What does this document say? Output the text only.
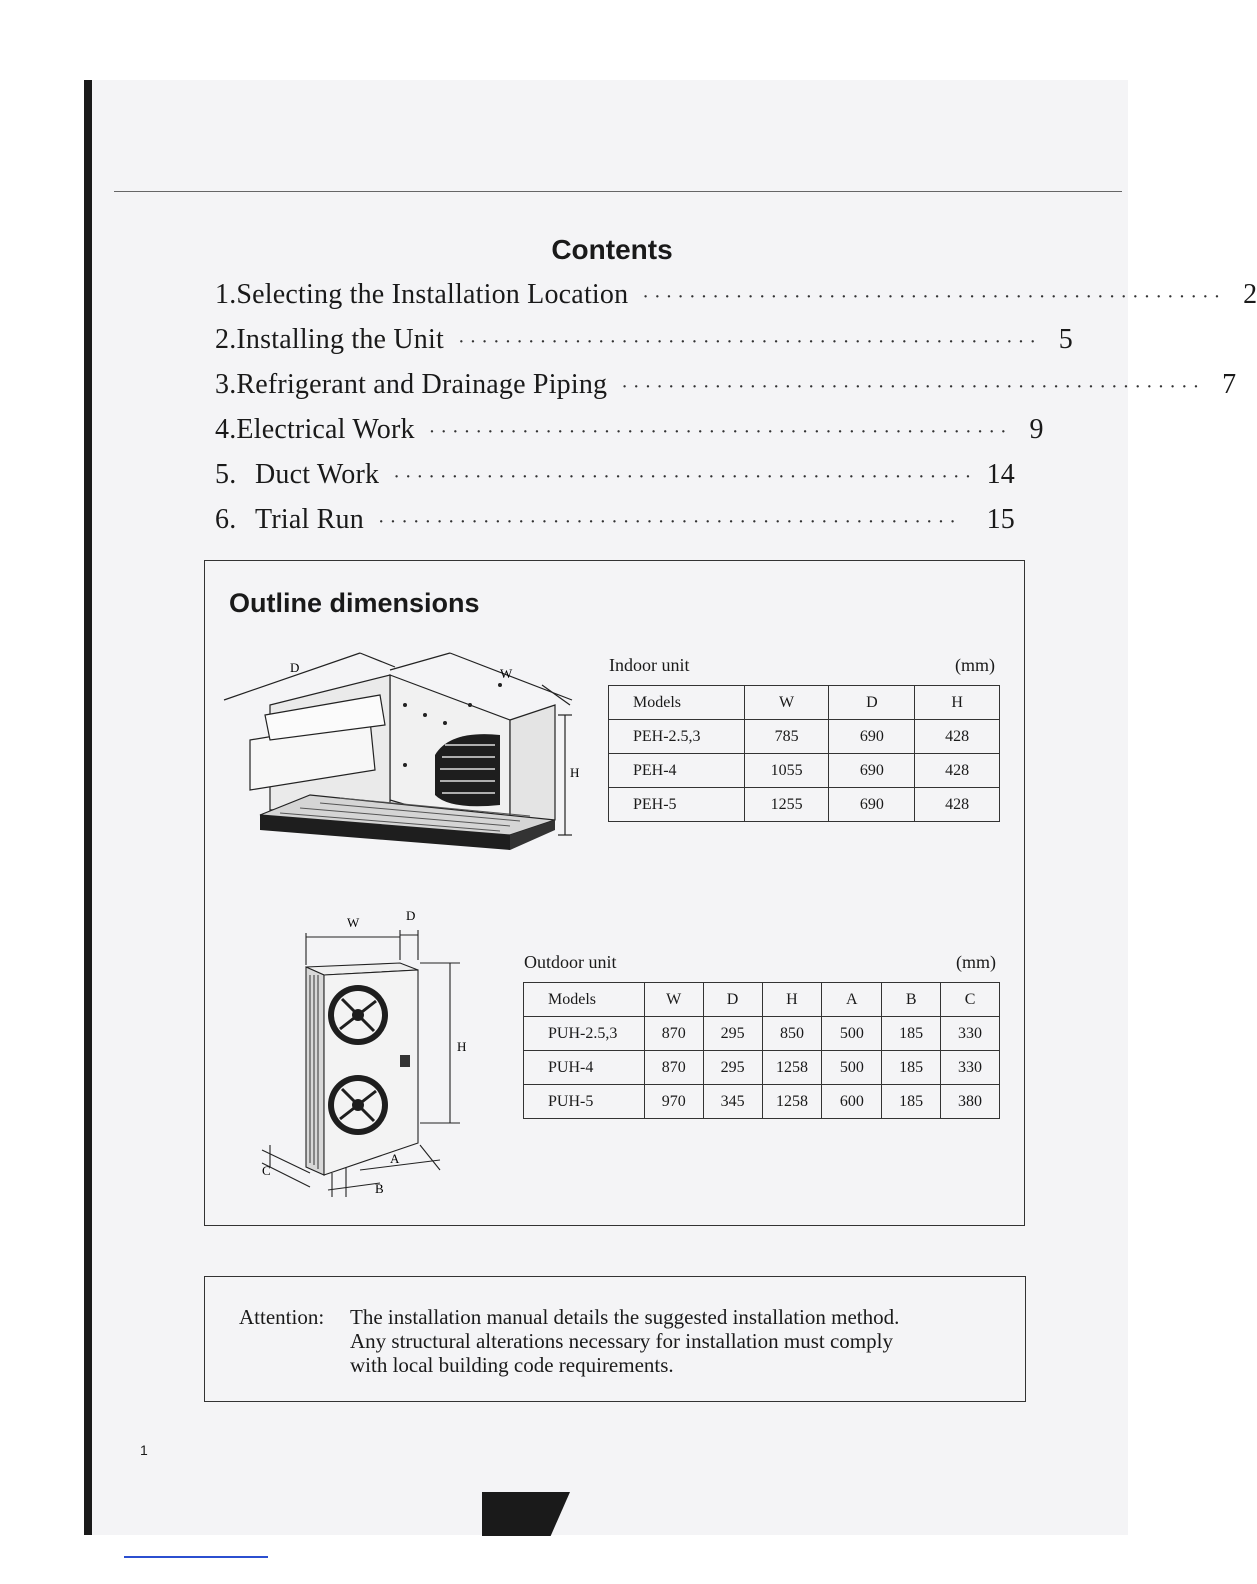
Contents
1. Selecting the Installation Location ·················································· 2
2. Installing the Unit ·················································· 5
3. Refrigerant and Drainage Piping ·················································· 7
4. Electrical Work ·················································· 9
5. Duct Work ·················································· 14
6. Trial Run ·················································· 15
Outline dimensions
D	W
H
Indoor unit	(mm)
Models	W	D	H
PEH-2.5,3	785	690	428
PEH-4	1055	690	428
PEH-5	1255	690	428
W	D
H
A
B
C
Outdoor unit	(mm)
Models	W	D	H	A	B	C
PUH-2.5,3	870	295	850	500	185	330
PUH-4	870	295	1258	500	185	330
PUH-5	970	345	1258	600	185	380
Attention: The installation manual details the suggested installation method.
Any structural alterations necessary for installation must comply
with local building code requirements.
1
